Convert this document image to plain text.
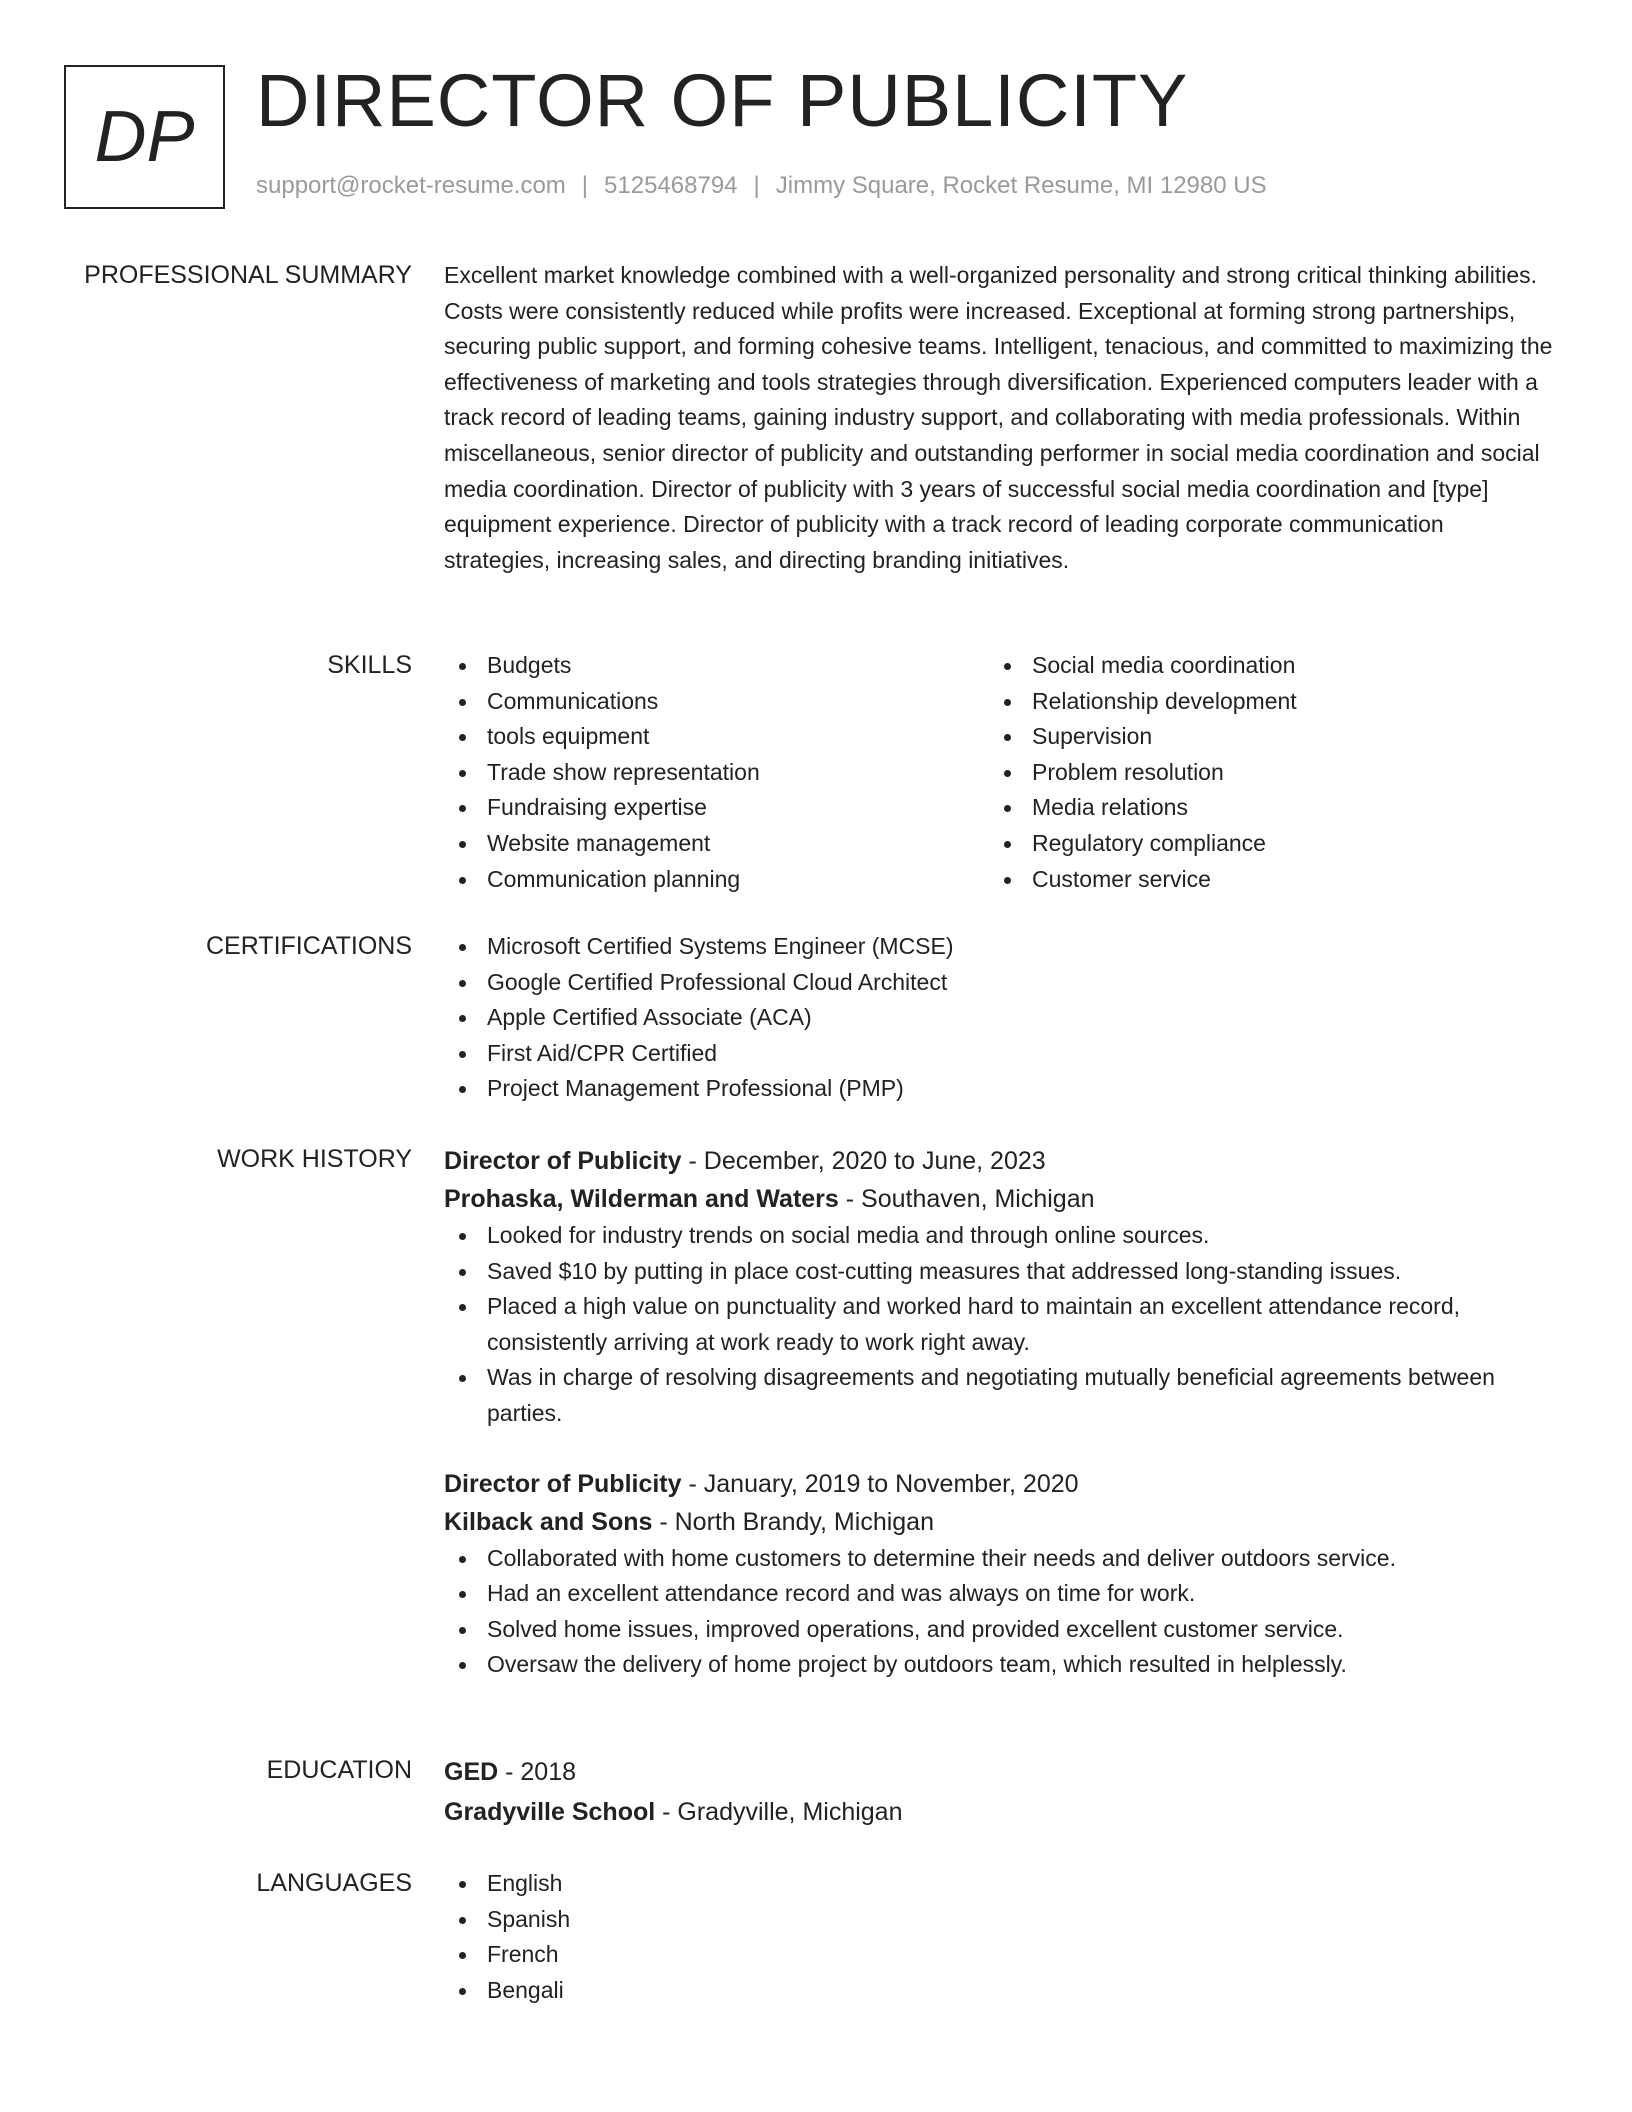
DP DIRECTOR OF PUBLICITY
support@rocket-resume.com | 5125468794 | Jimmy Square, Rocket Resume, MI 12980 US
PROFESSIONAL SUMMARY Excellent market knowledge combined with a well-organized personality and strong critical thinking abilities. Costs were consistently reduced while profits were increased. Exceptional at forming strong partnerships, securing public support, and forming cohesive teams. Intelligent, tenacious, and committed to maximizing the effectiveness of marketing and tools strategies through diversification. Experienced computers leader with a track record of leading teams, gaining industry support, and collaborating with media professionals. Within miscellaneous, senior director of publicity and outstanding performer in social media coordination and social media coordination. Director of publicity with 3 years of successful social media coordination and [type] equipment experience. Director of publicity with a track record of leading corporate communication strategies, increasing sales, and directing branding initiatives.
SKILLS	Budgets
Communications
tools equipment
Trade show representation
Fundraising expertise
Website management
Communication planning
Social media coordination
Relationship development
Supervision
Problem resolution
Media relations
Regulatory compliance
Customer service
CERTIFICATIONS	Microsoft Certified Systems Engineer (MCSE)
Google Certified Professional Cloud Architect
Apple Certified Associate (ACA)
First Aid/CPR Certified
Project Management Professional (PMP)
WORK HISTORY Director of Publicity - December, 2020 to June, 2023
Prohaska, Wilderman and Waters - Southaven, Michigan
Looked for industry trends on social media and through online sources.
Saved $10 by putting in place cost-cutting measures that addressed long-standing issues.
Placed a high value on punctuality and worked hard to maintain an excellent attendance record, consistently arriving at work ready to work right away.
Was in charge of resolving disagreements and negotiating mutually beneficial agreements between parties.
Director of Publicity - January, 2019 to November, 2020
Kilback and Sons - North Brandy, Michigan
Collaborated with home customers to determine their needs and deliver outdoors service.
Had an excellent attendance record and was always on time for work.
Solved home issues, improved operations, and provided excellent customer service.
Oversaw the delivery of home project by outdoors team, which resulted in helplessly.
EDUCATION GED - 2018
Gradyville School - Gradyville, Michigan
LANGUAGES	English
Spanish
French
Bengali
